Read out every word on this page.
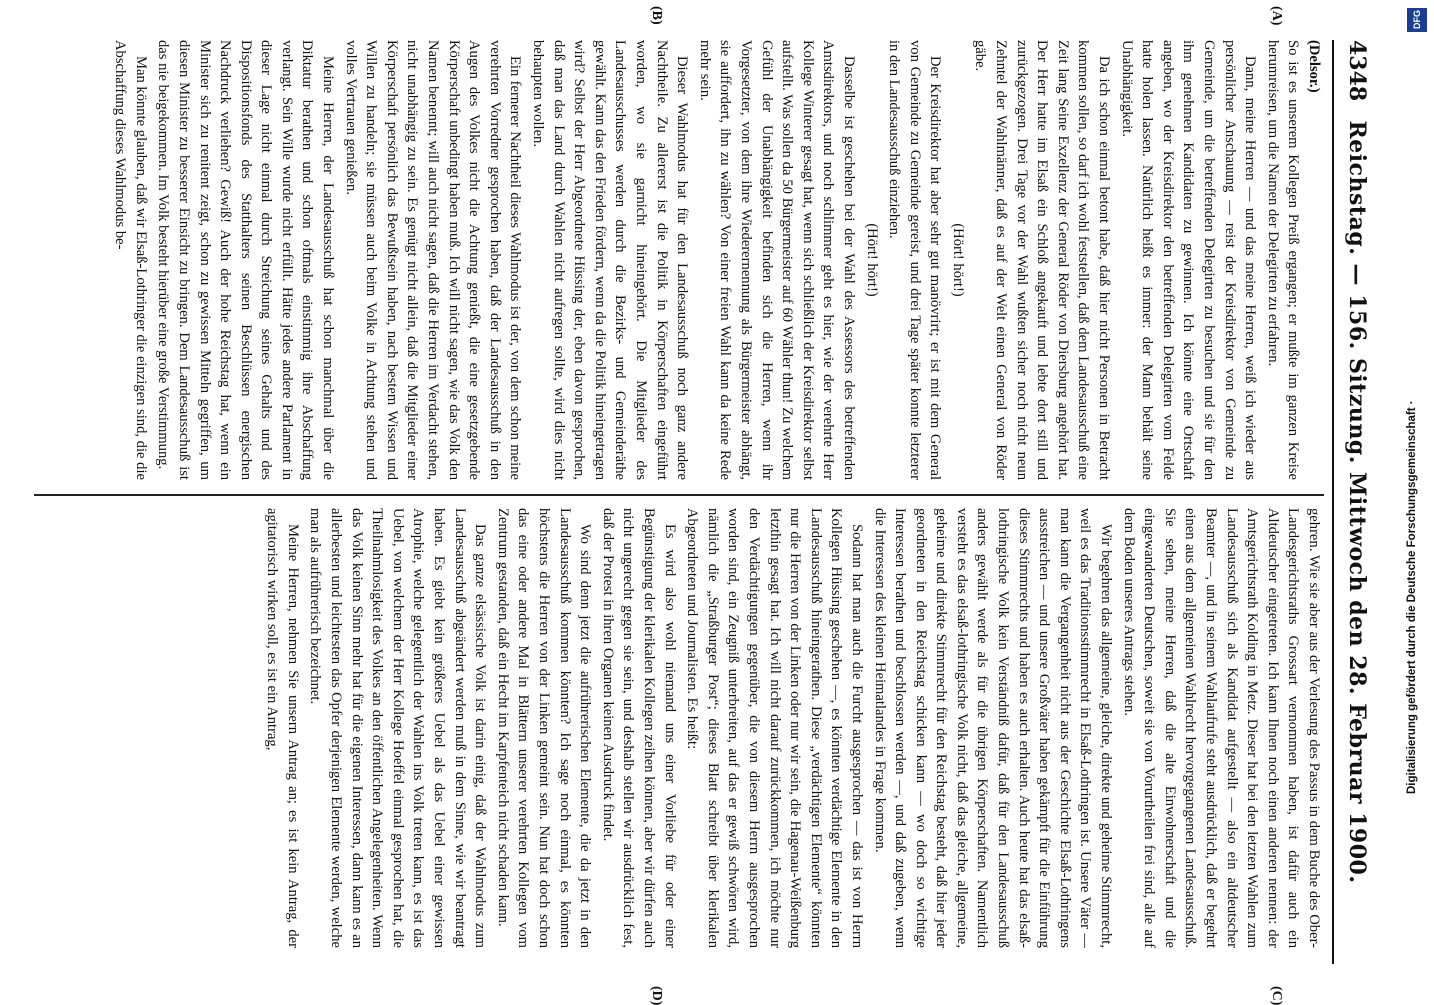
4348
Reichstag. — 156. Sitzung. Mittwoch den 28. Februar 1900.
(A)
(B)
(C)
(D)

(Delsor.)

So ist es unserem Kollegen Preiß ergangen; er mußte im ganzen Kreise herumreisen, um die Namen der Delegirten zu erfahren.

Dann, meine Herren — und das meine Herren, weiß ich wieder aus persönlicher Anschauung — reist der Kreisdirektor von Gemeinde zu Gemeinde, um die betreffenden Delegirten zu besuchen und sie für den ihm genehmen Kandidaten zu gewinnen. Ich könnte eine Ortschaft angeben, wo der Kreisdirektor den betreffenden Delegirten vom Felde hatte holen lassen. Natürlich heißt es immer: der Mann behält seine Unabhängigkeit.

Da ich schon einmal betont habe, daß hier nicht Personen in Betracht kommen sollen, so darf ich wohl feststellen, daß dem Landesausschuß eine Zeit lang Seine Exzellenz der General Röder von Diersburg angehört hat. Der Herr hatte im Elsaß ein Schloß angekauft und lebte dort still und zurückgezogen. Drei Tage vor der Wahl wußten sicher noch nicht neun Zehntel der Wahlmänner, daß es auf der Welt einen General von Röder gäbe.

(Hört! hört!)

Der Kreisdirektor hat aber sehr gut manövrirt; er ist mit dem General von Gemeinde zu Gemeinde gereist, und drei Tage später konnte letzterer in den Landesausschuß einziehen.

(Hört! hört!)

Dasselbe ist geschehen bei der Wahl des Assessors des betreffenden Amtsdirektors, und noch schlimmer geht es hier, wie der verehrte Herr Kollege Winterer gesagt hat, wenn sich schließlich der Kreisdirektor selbst aufstellt. Was sollen da 50 Bürgermeister auf 60 Wähler thun! Zu welchem Gefühl der Unabhängigkeit befinden sich die Herren, wenn ihr Vorgesetzter, von dem ihre Wiederernennung als Bürgermeister abhängt, sie auffordert, ihn zu wählen? Von einer freien Wahl kann da keine Rede mehr sein.

Dieser Wahlmodus hat für den Landesausschuß noch ganz andere Nachtheile. Zu allererst ist die Politik in Körperschaften eingeführt worden, wo sie garnicht hineingehört. Die Mitglieder des Landesausschusses werden durch die Bezirks- und Gemeinderäthe gewählt. Kann das den Frieden fördern, wenn da die Politik hineingetragen wird? Selbst der Herr Abgeordnete Hüssing der, eben davon gesprochen, daß man das Land durch Wahlen nicht aufregen sollte, wird dies nicht behaupten wollen.

Ein fernerer Nachtheil dieses Wahlmodus ist der, von dem schon meine verehrten Vorredner gesprochen haben, daß der Landesausschuß in den Augen des Volkes nicht die Achtung genießt, die eine gesetzgebende Körperschaft unbedingt haben muß. Ich will nicht sagen, wie das Volk den Namen benennt; will auch nicht sagen, daß die Herren im Verdacht stehen, nicht unabhängig zu sein. Es genügt nicht allein, daß die Mitglieder einer Körperschaft persönlich das Bewußtsein haben, nach bestem Wissen und Willen zu handeln; sie müssen auch beim Volke in Achtung stehen und volles Vertrauen genießen.

Meine Herren, der Landesausschuß hat schon manchmal über die Diktatur berathen und schon oftmals einstimmig ihre Abschaffung verlangt. Sein Wille wurde nicht erfüllt. Hätte jedes andere Parlament in dieser Lage nicht einmal durch Streichung seines Gehalts und des Dispositionsfonds des Statthalters seinen Beschlüssen energischen Nachdruck verliehen? Gewiß! Auch der hohe Reichstag hat, wenn ein Minister sich zu renitent zeigt, schon zu gewissen Mitteln gegriffen, um diesen Minister zu besserer Einsicht zu bringen. Dem Landesausschuß ist das nie beigekommen. Im Volk besteht hierüber eine große Verstimmung.

Man könnte glauben, daß wir Elsaß-Lothringer die einzigen sind, die die Abschaffung dieses Wahlmodus be-

gehren. Wie sie aber aus der Verlesung des Passus in dem Buche des Ober-Landesgerichtsraths Grossart vernommen haben, ist dafür auch ein Altdeutscher eingetreten. Ich kann Ihnen noch einen anderen nennen: der Amtsgerichtsrath Kolding in Metz. Dieser hat bei den letzten Wahlen zum Landesausschuß sich als Kandidat aufgestellt — also ein altdeutscher Beamter —, und in seinem Wahlaufrufe steht ausdrücklich, daß er begehrt einen aus dem allgemeinen Wahlrecht hervorgegangenen Landesausschuß. Sie sehen, meine Herren, daß die alte Einwohnerschaft und die eingewanderten Deutschen, soweit sie von Vorurtheilen frei sind, alle auf dem Boden unseres Antrags stehen.

Wir begehren das allgemeine, gleiche, direkte und geheime Stimmrecht, weil es das Traditionsstimmrecht in Elsaß-Lothringen ist. Unsere Väter — man kann die Vergangenheit nicht aus der Geschichte Elsaß-Lothringens ausstreichen — und unsere Großväter haben gekämpft für die Einführung dieses Stimmrechts und haben es auch erhalten. Auch heute hat das elsaß-lothringische Volk kein Verständniß dafür, daß für den Landesausschuß anders gewählt werde als für die übrigen Körperschaften. Namentlich versteht es das elsaß-lothringische Volk nicht, daß das gleiche, allgemeine, geheime und direkte Stimmrecht für den Reichstag besteht, daß hier jeder geordneten in den Reichstag schicken kann — wo doch so wichtige Interessen berathen und beschlossen werden —, und daß zugeben, wenn die Interessen des kleinen Heimatlandes in Frage kommen.

Sodann hat man auch die Furcht ausgesprochen — das ist von Herrn Kollegen Hüssing geschehen —, es könnten verdächtige Elemente in den Landesausschuß hineingerathen. Diese „verdächtigen Elemente“ könnten nur die Herren von der Linken oder nur wir sein, die Hagenau-Weißenburg letzthin gesagt hat. Ich will nicht darauf zurückkommen, ich möchte nur den Verdächtigungen gegenüber, die von diesem Herrn ausgesprochen worden sind, ein Zeugniß unterbreiten, auf das er gewiß schwören wird, nämlich die „Straßburger Post“; dieses Blatt schreibt über klerikalen Abgeordneten und Journalisten. Es heißt:

Es wird also wohl niemand uns einer Vorliebe für oder einer Begünstigung der klerikalen Kollegen zeihen können, aber wir dürfen auch nicht ungerecht gegen sie sein, und deshalb stellen wir ausdrücklich fest, daß der Protest in ihren Organen keinen Ausdruck findet.

Wo sind denn jetzt die aufrührerischen Elemente, die da jetzt in den Landesausschuß kommen könnten? Ich sage noch einmal, es könnten höchstens die Herren von der Linken gemeint sein. Nun hat doch schon das eine oder andere Mal in Blättern unserer verehrten Kollegen vom Zentrum gestanden, daß ein Hecht im Karpfenteich nicht schaden kann.

Das ganze elsässische Volk ist darin einig, daß der Wahlmodus zum Landesausschuß abgeändert werden muß in dem Sinne, wie wir beantragt haben. Es giebt kein größeres Uebel als das Uebel einer gewissen Atrophie, welche gelegentlich der Wahlen ins Volk treten kann, es ist das Uebel, von welchem der Herr Kollege Hoeffel einmal gesprochen hat, die Theilnahmlosigkeit des Volkes an den öffentlichen Angelegenheiten. Wenn das Volk keinen Sinn mehr hat für die eigenen Interessen, dann kann es an allerbesten und leichtesten das Opfer derjenigen Elemente werden, welche man als aufrührerisch bezeichnet.

Meine Herren, nehmen Sie unsern Antrag an; es ist kein Antrag, der agitatorisch wirken soll, es ist ein Antrag,

DFG
Digitalisierung gefördert durch die Deutsche Forschungsgemeinschaft ·
